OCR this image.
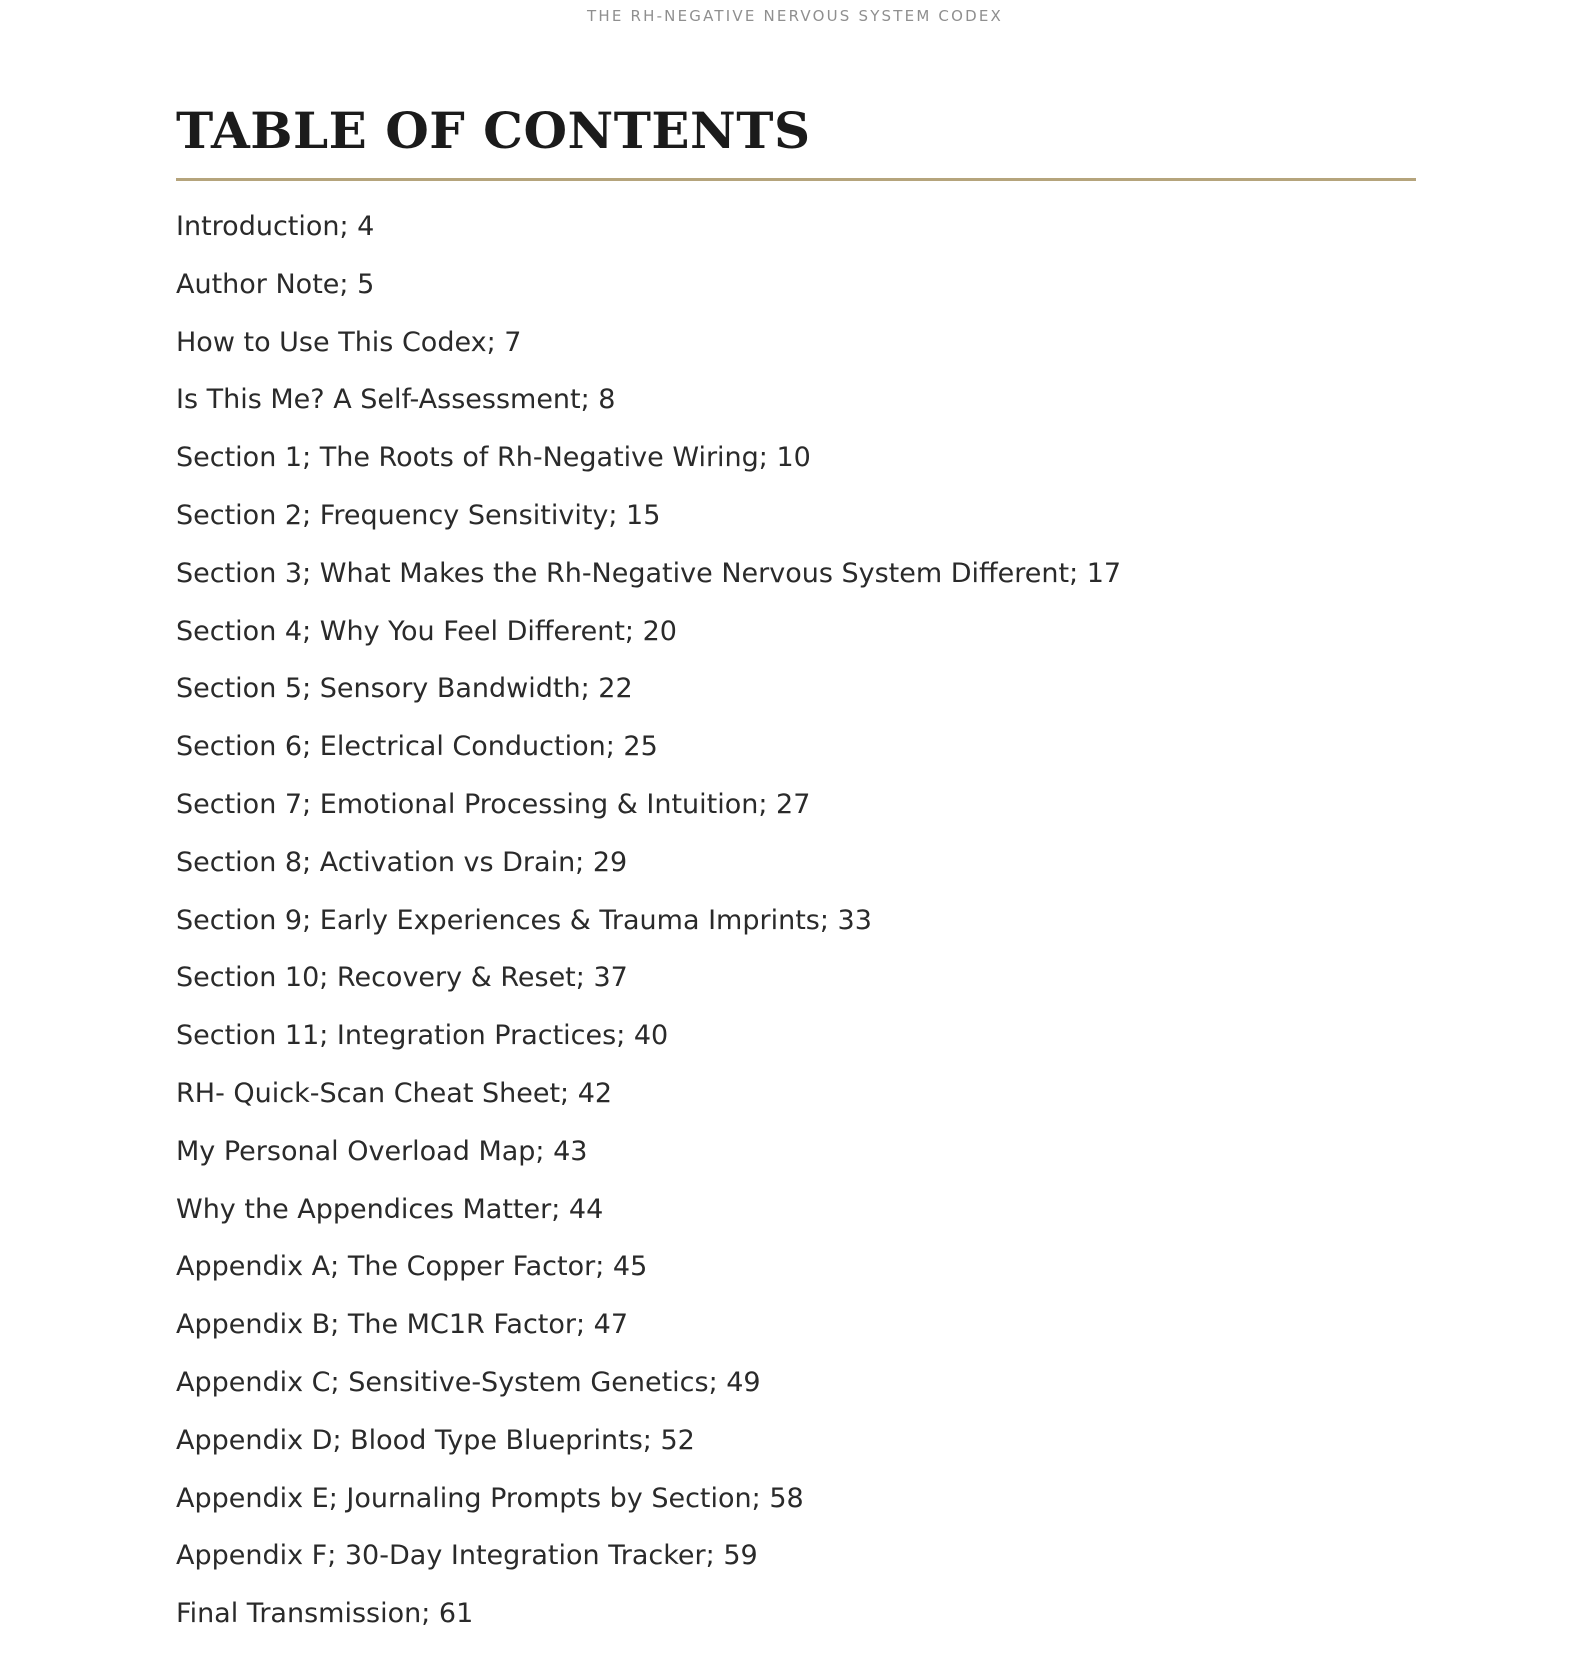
THE RH-NEGATIVE NERVOUS SYSTEM CODEX

TABLE OF CONTENTS
Introduction; 4
Author Note; 5
How to Use This Codex; 7
Is This Me? A Self-Assessment; 8
Section 1; The Roots of Rh-Negative Wiring; 10
Section 2; Frequency Sensitivity; 15
Section 3; What Makes the Rh-Negative Nervous System Different; 17
Section 4; Why You Feel Different; 20
Section 5; Sensory Bandwidth; 22
Section 6; Electrical Conduction; 25
Section 7; Emotional Processing & Intuition; 27
Section 8; Activation vs Drain; 29
Section 9; Early Experiences & Trauma Imprints; 33
Section 10; Recovery & Reset; 37
Section 11; Integration Practices; 40
RH- Quick-Scan Cheat Sheet; 42
My Personal Overload Map; 43
Why the Appendices Matter; 44
Appendix A; The Copper Factor; 45
Appendix B; The MC1R Factor; 47
Appendix C; Sensitive-System Genetics; 49
Appendix D; Blood Type Blueprints; 52
Appendix E; Journaling Prompts by Section; 58
Appendix F; 30-Day Integration Tracker; 59
Final Transmission; 61
